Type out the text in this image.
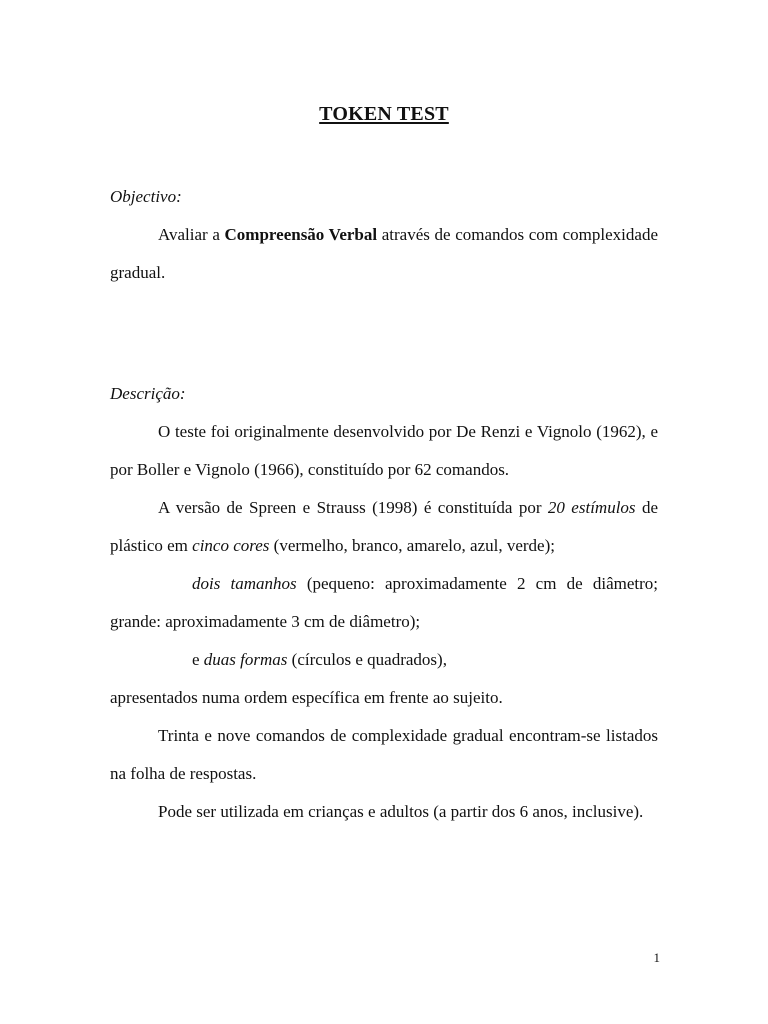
TOKEN TEST

Objectivo:

Avaliar a Compreensão Verbal através de comandos com complexidade gradual.

Descrição:

O teste foi originalmente desenvolvido por De Renzi e Vignolo (1962), e por Boller e Vignolo (1966), constituído por 62 comandos.

A versão de Spreen e Strauss (1998) é constituída por 20 estímulos de plástico em cinco cores (vermelho, branco, amarelo, azul, verde);

dois tamanhos (pequeno: aproximadamente 2 cm de diâmetro; grande: aproximadamente 3 cm de diâmetro);

e duas formas (círculos e quadrados),

apresentados numa ordem específica em frente ao sujeito.

Trinta e nove comandos de complexidade gradual encontram-se listados na folha de respostas.

Pode ser utilizada em crianças e adultos (a partir dos 6 anos, inclusive).

1
